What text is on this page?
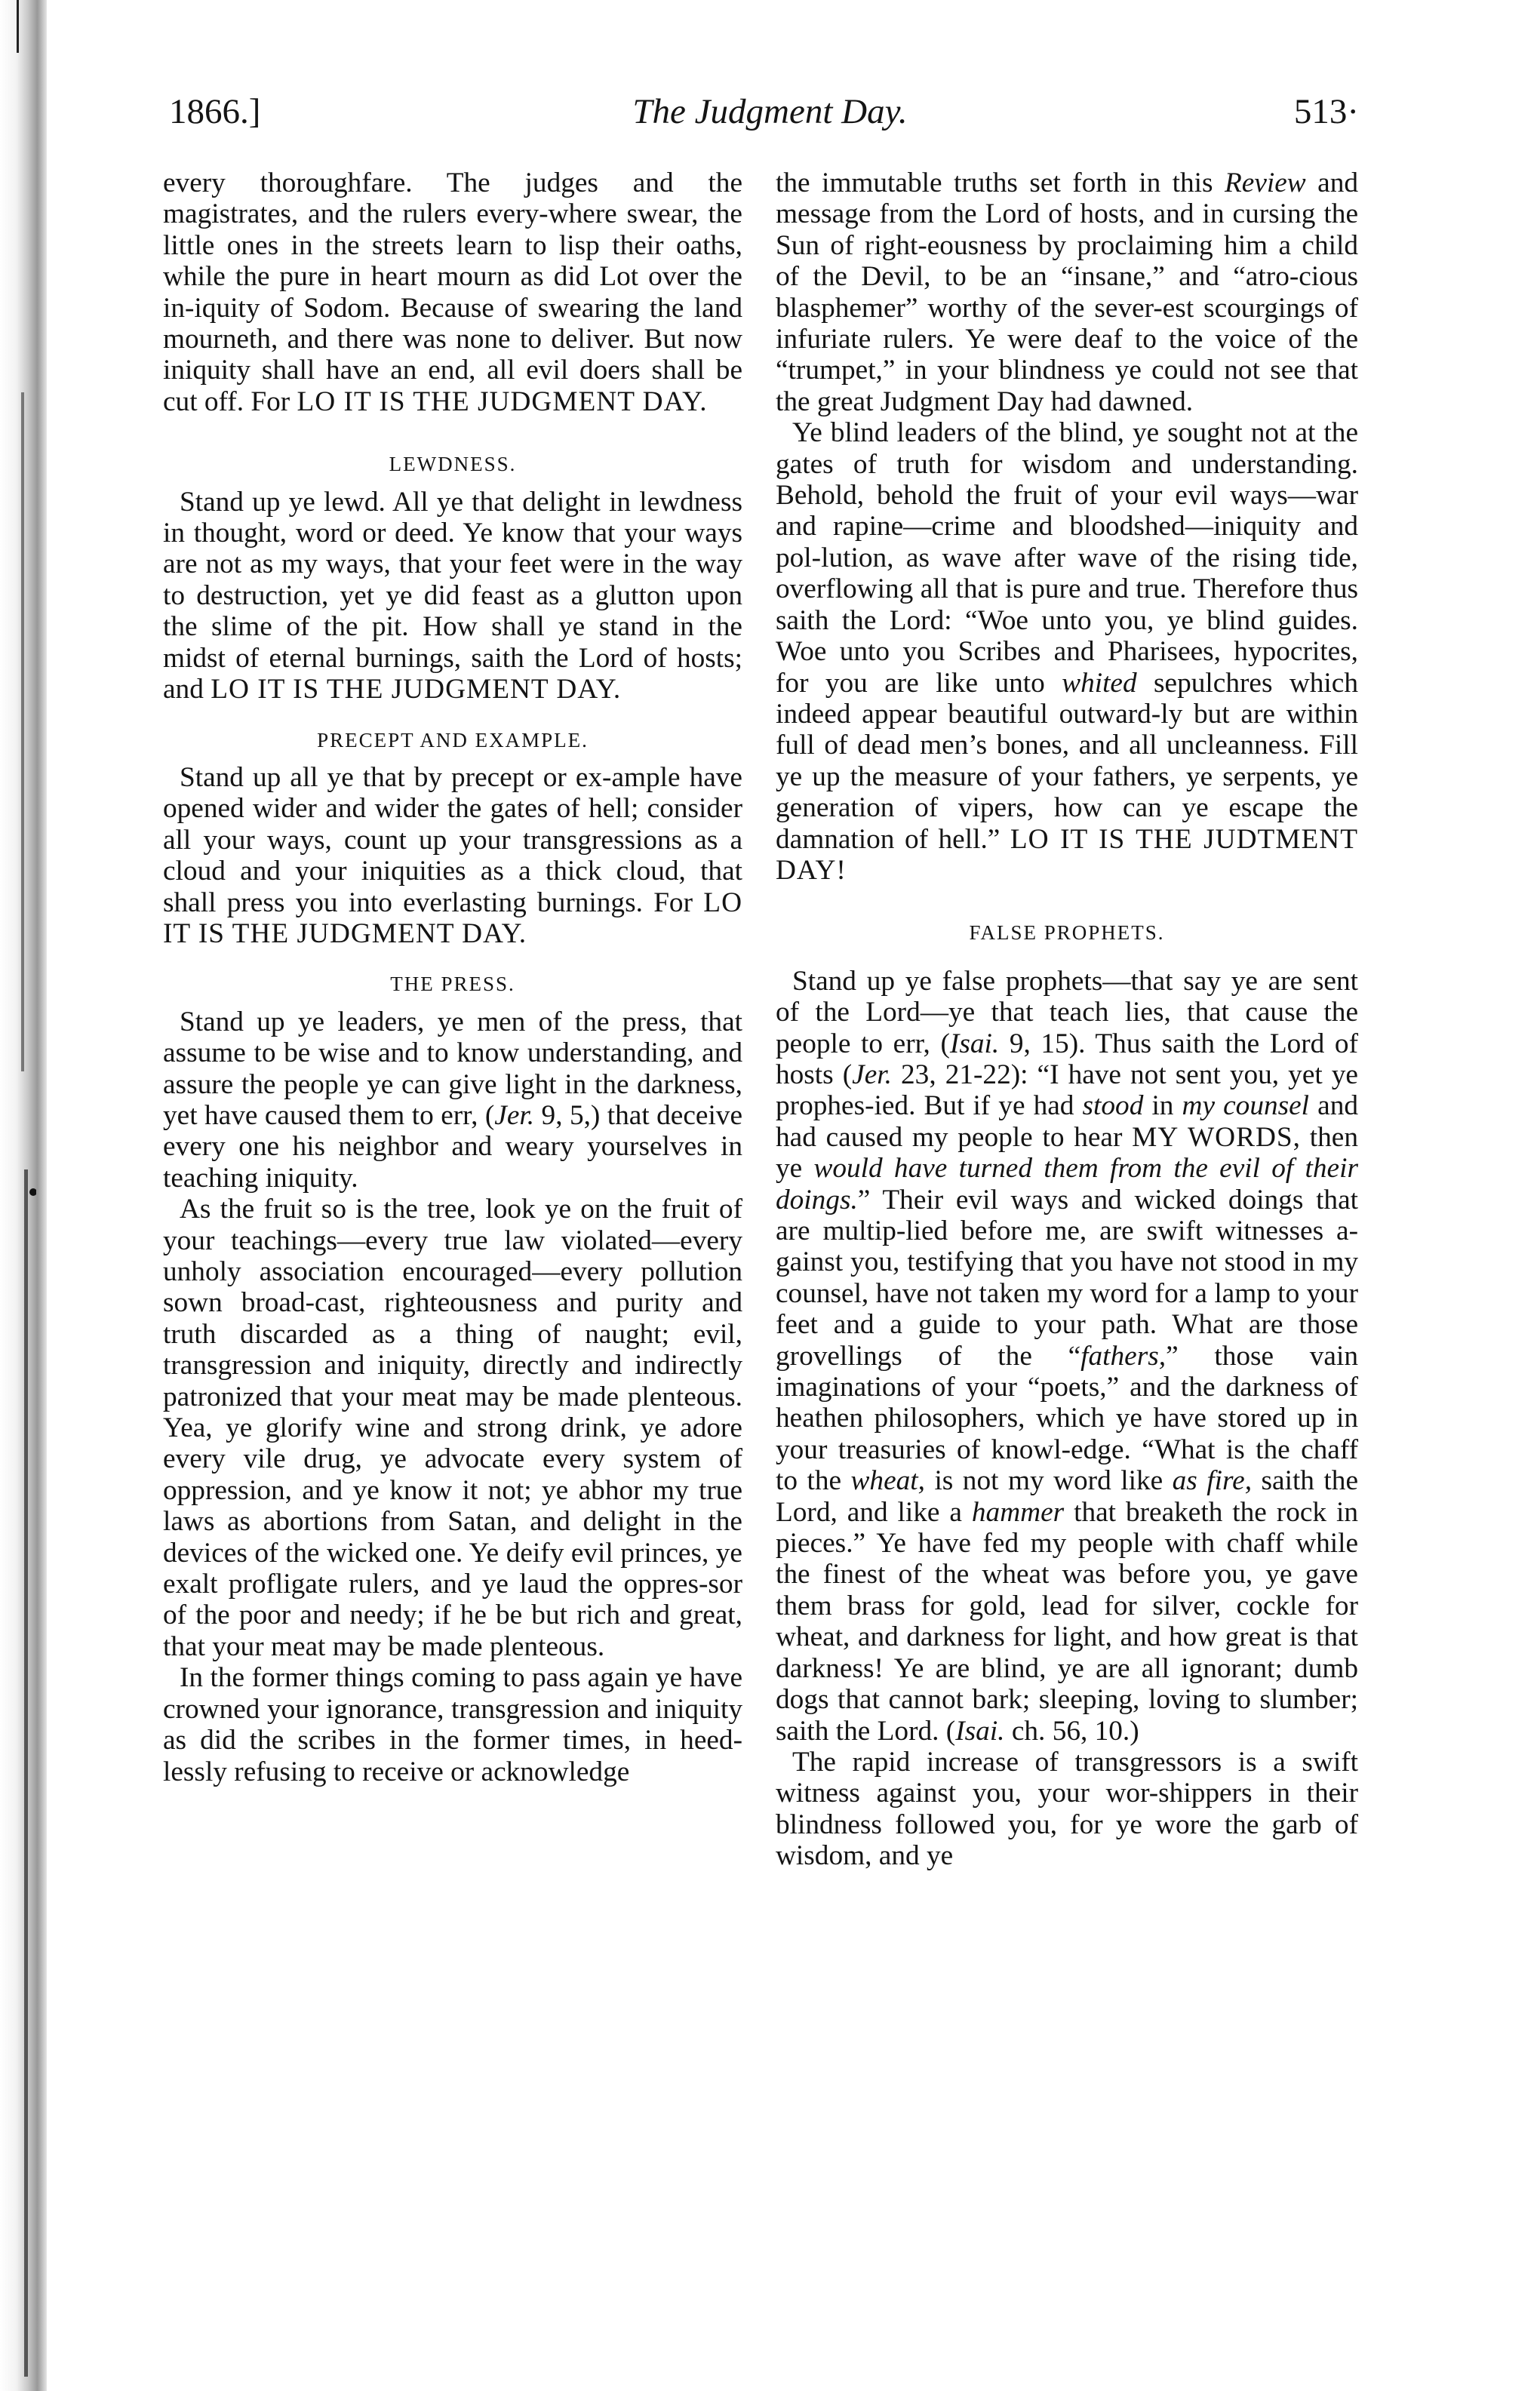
1866.]	The Judgment Day.	513·

every thoroughfare. The judges and the magistrates, and the rulers every-where swear, the little ones in the streets learn to lisp their oaths, while the pure in heart mourn as did Lot over the in-iquity of Sodom. Because of swearing the land mourneth, and there was none to deliver. But now iniquity shall have an end, all evil doers shall be cut off. For LO IT IS THE JUDGMENT DAY.

LEWDNESS.

Stand up ye lewd. All ye that delight in lewdness in thought, word or deed. Ye know that your ways are not as my ways, that your feet were in the way to destruction, yet ye did feast as a glutton upon the slime of the pit. How shall ye stand in the midst of eternal burnings, saith the Lord of hosts; and LO IT IS THE JUDGMENT DAY.

PRECEPT AND EXAMPLE.

Stand up all ye that by precept or ex-ample have opened wider and wider the gates of hell; consider all your ways, count up your transgressions as a cloud and your iniquities as a thick cloud, that shall press you into everlasting burnings. For LO IT IS THE JUDGMENT DAY.

THE PRESS.

Stand up ye leaders, ye men of the press, that assume to be wise and to know understanding, and assure the people ye can give light in the darkness, yet have caused them to err, (Jer. 9, 5,) that deceive every one his neighbor and weary yourselves in teaching iniquity.

As the fruit so is the tree, look ye on the fruit of your teachings—every true law violated—every unholy association encouraged—every pollution sown broad-cast, righteousness and purity and truth discarded as a thing of naught; evil, transgression and iniquity, directly and indirectly patronized that your meat may be made plenteous. Yea, ye glorify wine and strong drink, ye adore every vile drug, ye advocate every system of oppression, and ye know it not; ye abhor my true laws as abortions from Satan, and delight in the devices of the wicked one. Ye deify evil princes, ye exalt profligate rulers, and ye laud the oppres-sor of the poor and needy; if he be but rich and great, that your meat may be made plenteous.

In the former things coming to pass again ye have crowned your ignorance, transgression and iniquity as did the scribes in the former times, in heed-lessly refusing to receive or acknowledge

the immutable truths set forth in this Review and message from the Lord of hosts, and in cursing the Sun of right-eousness by proclaiming him a child of the Devil, to be an “insane,” and “atro-cious blasphemer” worthy of the sever-est scourgings of infuriate rulers. Ye were deaf to the voice of the “trumpet,” in your blindness ye could not see that the great Judgment Day had dawned.

Ye blind leaders of the blind, ye sought not at the gates of truth for wisdom and understanding. Behold, behold the fruit of your evil ways—war and rapine—crime and bloodshed—iniquity and pol-lution, as wave after wave of the rising tide, overflowing all that is pure and true. Therefore thus saith the Lord: “Woe unto you, ye blind guides. Woe unto you Scribes and Pharisees, hypocrites, for you are like unto whited sepulchres which indeed appear beautiful outward-ly but are within full of dead men’s bones, and all uncleanness. Fill ye up the measure of your fathers, ye serpents, ye generation of vipers, how can ye escape the damnation of hell.” LO IT IS THE JUDTMENT DAY!

FALSE PROPHETS.

Stand up ye false prophets—that say ye are sent of the Lord—ye that teach lies, that cause the people to err, (Isai. 9, 15). Thus saith the Lord of hosts (Jer. 23, 21-22): “I have not sent you, yet ye prophes-ied. But if ye had stood in my counsel and had caused my people to hear MY WORDS, then ye would have turned them from the evil of their doings.” Their evil ways and wicked doings that are multip-lied before me, are swift witnesses a-gainst you, testifying that you have not stood in my counsel, have not taken my word for a lamp to your feet and a guide to your path. What are those grovellings of the “fathers,” those vain imaginations of your “poets,” and the darkness of heathen philosophers, which ye have stored up in your treasuries of knowl-edge. “What is the chaff to the wheat, is not my word like as fire, saith the Lord, and like a hammer that breaketh the rock in pieces.” Ye have fed my people with chaff while the finest of the wheat was before you, ye gave them brass for gold, lead for silver, cockle for wheat, and darkness for light, and how great is that darkness! Ye are blind, ye are all ignorant; dumb dogs that cannot bark; sleeping, loving to slumber; saith the Lord. (Isai. ch. 56, 10.)

The rapid increase of transgressors is a swift witness against you, your wor-shippers in their blindness followed you, for ye wore the garb of wisdom, and ye
